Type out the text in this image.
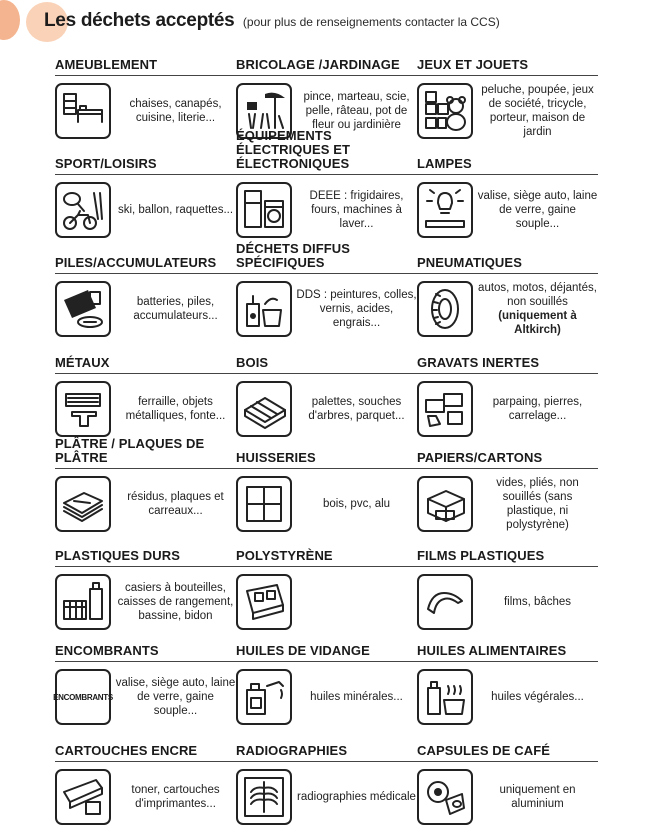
Les déchets acceptés (pour plus de renseignements contacter la CCS)
AMEUBLEMENT
chaises, canapés, cuisine, literie...
BRICOLAGE /JARDINAGE
pince, marteau, scie, pelle, râteau, pot de fleur ou jardinière
JEUX ET JOUETS
peluche, poupée, jeux de société, tricycle, porteur, maison de jardin
SPORT/LOISIRS
ski, ballon, raquettes...
ÉQUIPEMENTS ÉLECTRIQUES ET ÉLECTRONIQUES
DEEE : frigidaires, fours, machines à laver...
LAMPES
valise, siège auto, laine de verre, gaine souple...
PILES/ACCUMULATEURS
batteries, piles, accumulateurs...
DÉCHETS DIFFUS SPÉCIFIQUES
DDS : peintures, colles, vernis, acides, engrais...
PNEUMATIQUES
autos, motos, déjantés, non souillés
(uniquement à Altkirch)
MÉTAUX
ferraille, objets métalliques, fonte...
BOIS
palettes, souches d'arbres, parquet...
GRAVATS INERTES
parpaing, pierres, carrelage...
PLÂTRE / PLAQUES DE PLÂTRE
résidus, plaques et carreaux...
HUISSERIES
bois, pvc, alu
PAPIERS/CARTONS
vides, pliés, non souillés (sans plastique, ni polystyrène)
PLASTIQUES DURS
casiers à bouteilles, caisses de rangement, bassine, bidon
POLYSTYRÈNE	FILMS PLASTIQUES
films, bâches
ENCOMBRANTS
ENCOMBRANTS
valise, siège auto, laine de verre, gaine souple...
HUILES DE VIDANGE
huiles minérales...
HUILES ALIMENTAIRES
huiles végérales...
CARTOUCHES ENCRE
toner, cartouches d'imprimantes...
RADIOGRAPHIES
radiographies médicale
CAPSULES DE CAFÉ
uniquement en aluminium
